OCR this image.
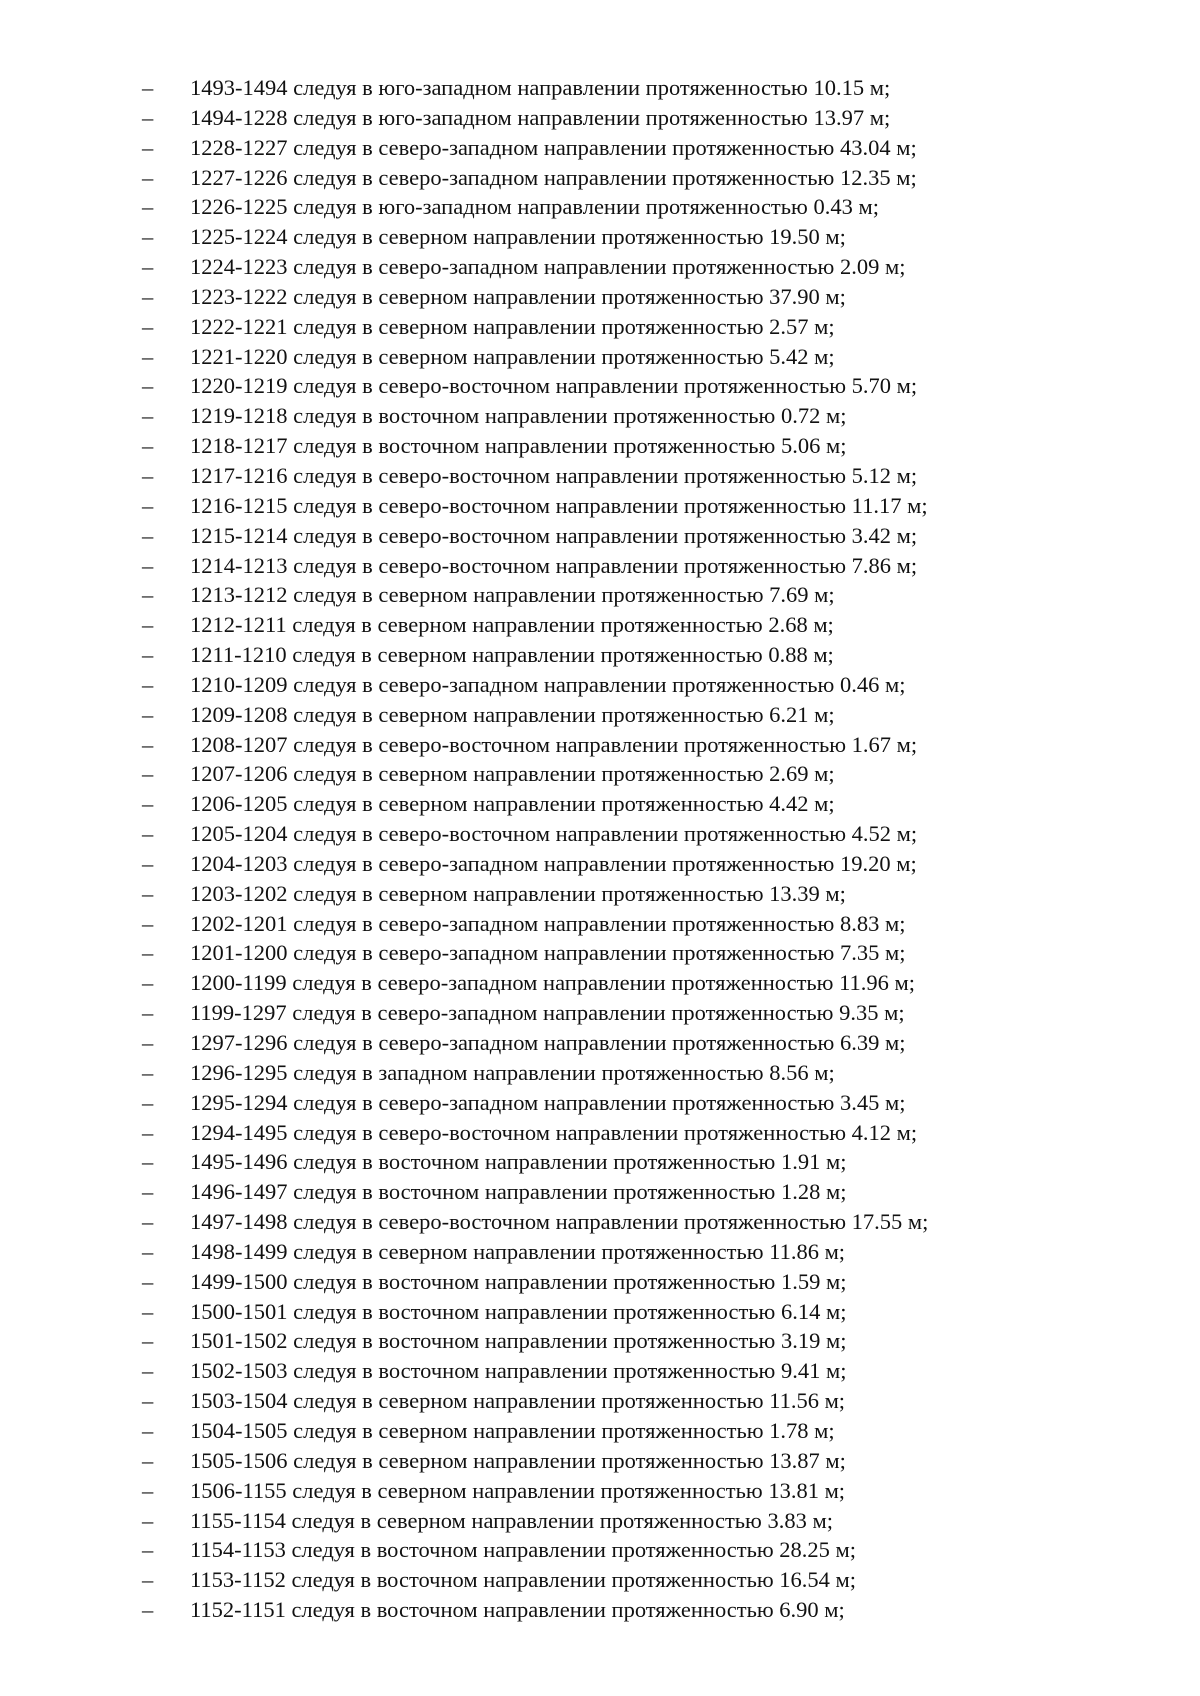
– 1493-1494 следуя в юго-западном направлении протяженностью 10.15 м;
– 1494-1228 следуя в юго-западном направлении протяженностью 13.97 м;
– 1228-1227 следуя в северо-западном направлении протяженностью 43.04 м;
– 1227-1226 следуя в северо-западном направлении протяженностью 12.35 м;
– 1226-1225 следуя в юго-западном направлении протяженностью 0.43 м;
– 1225-1224 следуя в северном направлении протяженностью 19.50 м;
– 1224-1223 следуя в северо-западном направлении протяженностью 2.09 м;
– 1223-1222 следуя в северном направлении протяженностью 37.90 м;
– 1222-1221 следуя в северном направлении протяженностью 2.57 м;
– 1221-1220 следуя в северном направлении протяженностью 5.42 м;
– 1220-1219 следуя в северо-восточном направлении протяженностью 5.70 м;
– 1219-1218 следуя в восточном направлении протяженностью 0.72 м;
– 1218-1217 следуя в восточном направлении протяженностью 5.06 м;
– 1217-1216 следуя в северо-восточном направлении протяженностью 5.12 м;
– 1216-1215 следуя в северо-восточном направлении протяженностью 11.17 м;
– 1215-1214 следуя в северо-восточном направлении протяженностью 3.42 м;
– 1214-1213 следуя в северо-восточном направлении протяженностью 7.86 м;
– 1213-1212 следуя в северном направлении протяженностью 7.69 м;
– 1212-1211 следуя в северном направлении протяженностью 2.68 м;
– 1211-1210 следуя в северном направлении протяженностью 0.88 м;
– 1210-1209 следуя в северо-западном направлении протяженностью 0.46 м;
– 1209-1208 следуя в северном направлении протяженностью 6.21 м;
– 1208-1207 следуя в северо-восточном направлении протяженностью 1.67 м;
– 1207-1206 следуя в северном направлении протяженностью 2.69 м;
– 1206-1205 следуя в северном направлении протяженностью 4.42 м;
– 1205-1204 следуя в северо-восточном направлении протяженностью 4.52 м;
– 1204-1203 следуя в северо-западном направлении протяженностью 19.20 м;
– 1203-1202 следуя в северном направлении протяженностью 13.39 м;
– 1202-1201 следуя в северо-западном направлении протяженностью 8.83 м;
– 1201-1200 следуя в северо-западном направлении протяженностью 7.35 м;
– 1200-1199 следуя в северо-западном направлении протяженностью 11.96 м;
– 1199-1297 следуя в северо-западном направлении протяженностью 9.35 м;
– 1297-1296 следуя в северо-западном направлении протяженностью 6.39 м;
– 1296-1295 следуя в западном направлении протяженностью 8.56 м;
– 1295-1294 следуя в северо-западном направлении протяженностью 3.45 м;
– 1294-1495 следуя в северо-восточном направлении протяженностью 4.12 м;
– 1495-1496 следуя в восточном направлении протяженностью 1.91 м;
– 1496-1497 следуя в восточном направлении протяженностью 1.28 м;
– 1497-1498 следуя в северо-восточном направлении протяженностью 17.55 м;
– 1498-1499 следуя в северном направлении протяженностью 11.86 м;
– 1499-1500 следуя в восточном направлении протяженностью 1.59 м;
– 1500-1501 следуя в восточном направлении протяженностью 6.14 м;
– 1501-1502 следуя в восточном направлении протяженностью 3.19 м;
– 1502-1503 следуя в восточном направлении протяженностью 9.41 м;
– 1503-1504 следуя в северном направлении протяженностью 11.56 м;
– 1504-1505 следуя в северном направлении протяженностью 1.78 м;
– 1505-1506 следуя в северном направлении протяженностью 13.87 м;
– 1506-1155 следуя в северном направлении протяженностью 13.81 м;
– 1155-1154 следуя в северном направлении протяженностью 3.83 м;
– 1154-1153 следуя в восточном направлении протяженностью 28.25 м;
– 1153-1152 следуя в восточном направлении протяженностью 16.54 м;
– 1152-1151 следуя в восточном направлении протяженностью 6.90 м;
